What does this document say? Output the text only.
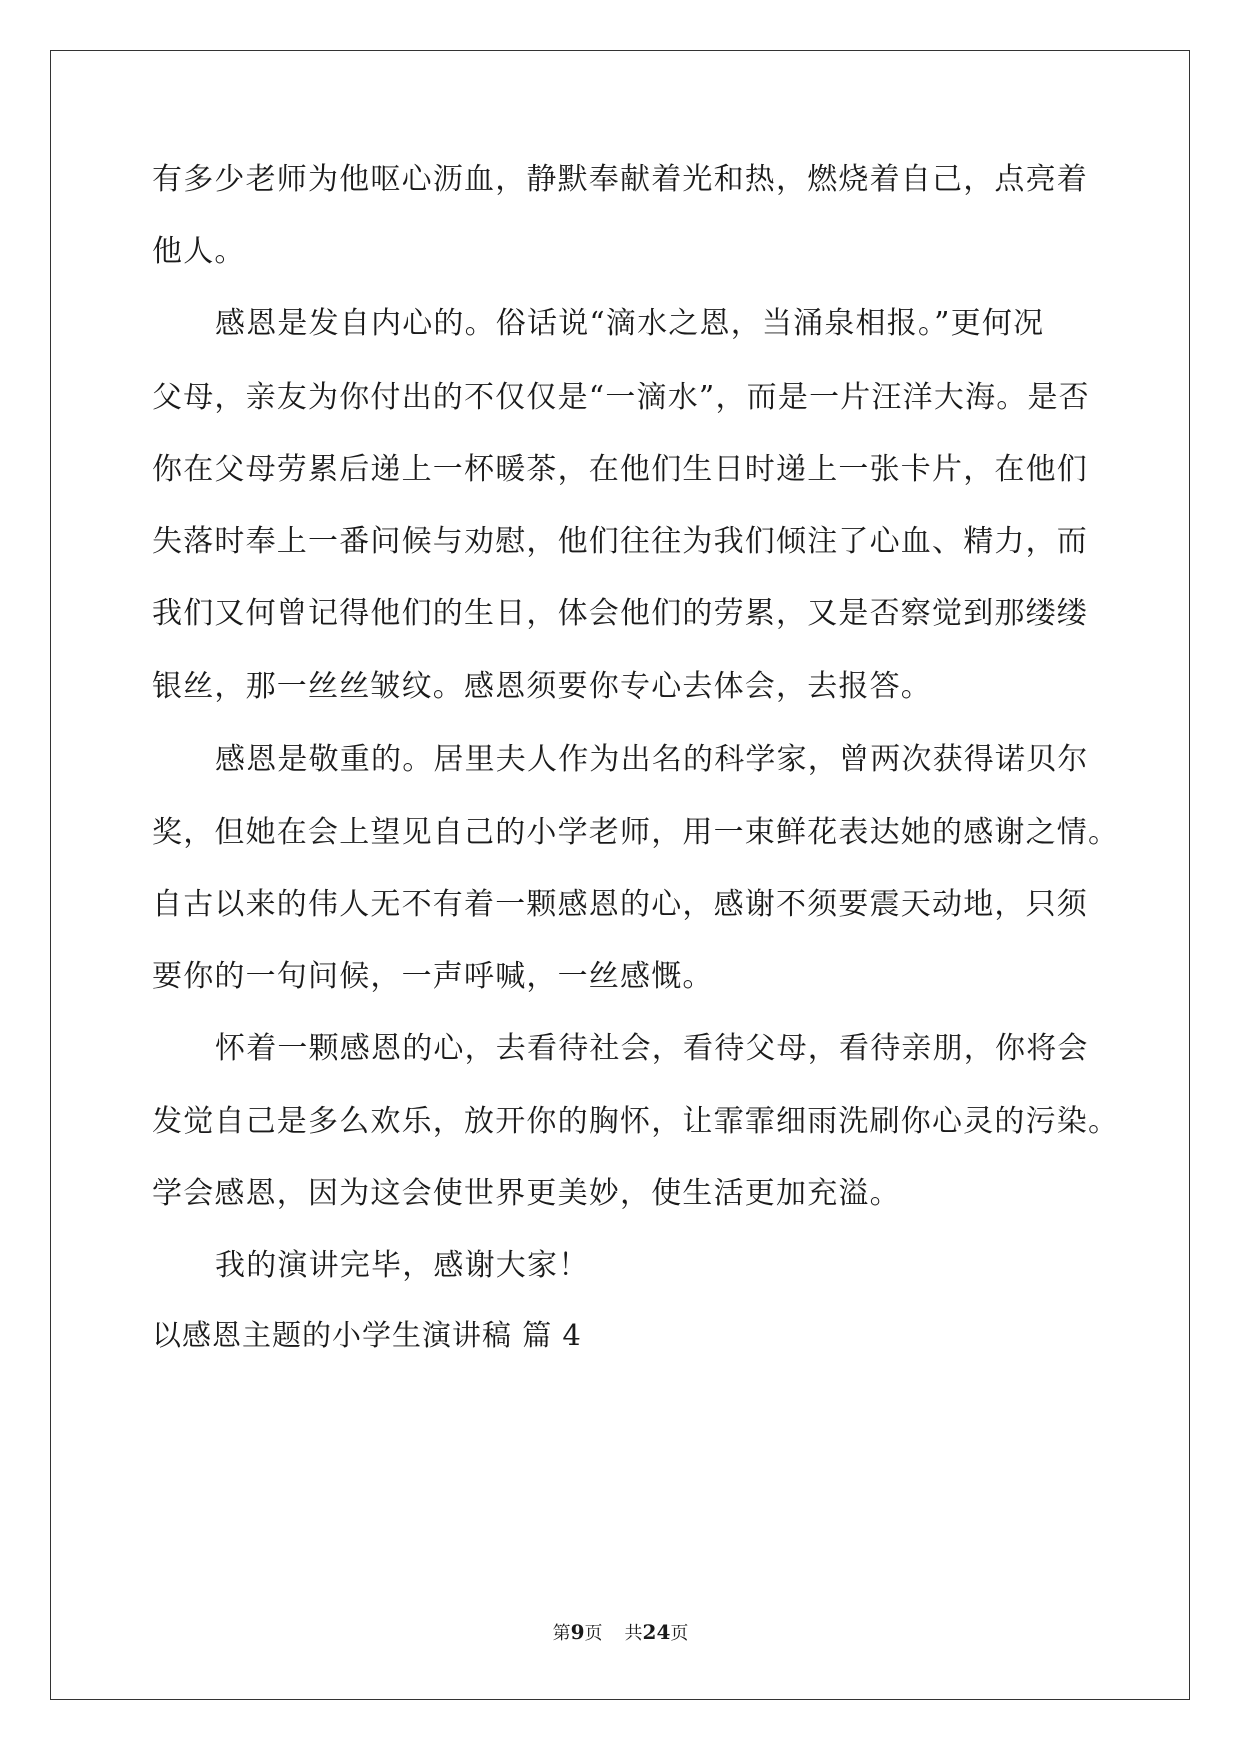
有多少老师为他呕心沥血，静默奉献着光和热，燃烧着自己，点亮着
他人。
感恩是发自内心的。俗话说“滴水之恩，当涌泉相报。”更何况
父母，亲友为你付出的不仅仅是“一滴水”，而是一片汪洋大海。是否
你在父母劳累后递上一杯暖茶，在他们生日时递上一张卡片，在他们
失落时奉上一番问候与劝慰，他们往往为我们倾注了心血、精力，而
我们又何曾记得他们的生日，体会他们的劳累，又是否察觉到那缕缕
银丝，那一丝丝皱纹。感恩须要你专心去体会，去报答。
感恩是敬重的。居里夫人作为出名的科学家，曾两次获得诺贝尔
奖，但她在会上望见自己的小学老师，用一束鲜花表达她的感谢之情。
自古以来的伟人无不有着一颗感恩的心，感谢不须要震天动地，只须
要你的一句问候，一声呼喊，一丝感慨。
怀着一颗感恩的心，去看待社会，看待父母，看待亲朋，你将会
发觉自己是多么欢乐，放开你的胸怀，让霏霏细雨洗刷你心灵的污染。
学会感恩，因为这会使世界更美妙，使生活更加充溢。
我的演讲完毕，感谢大家！
以感恩主题的小学生演讲稿 篇 4
第9页 共24页
